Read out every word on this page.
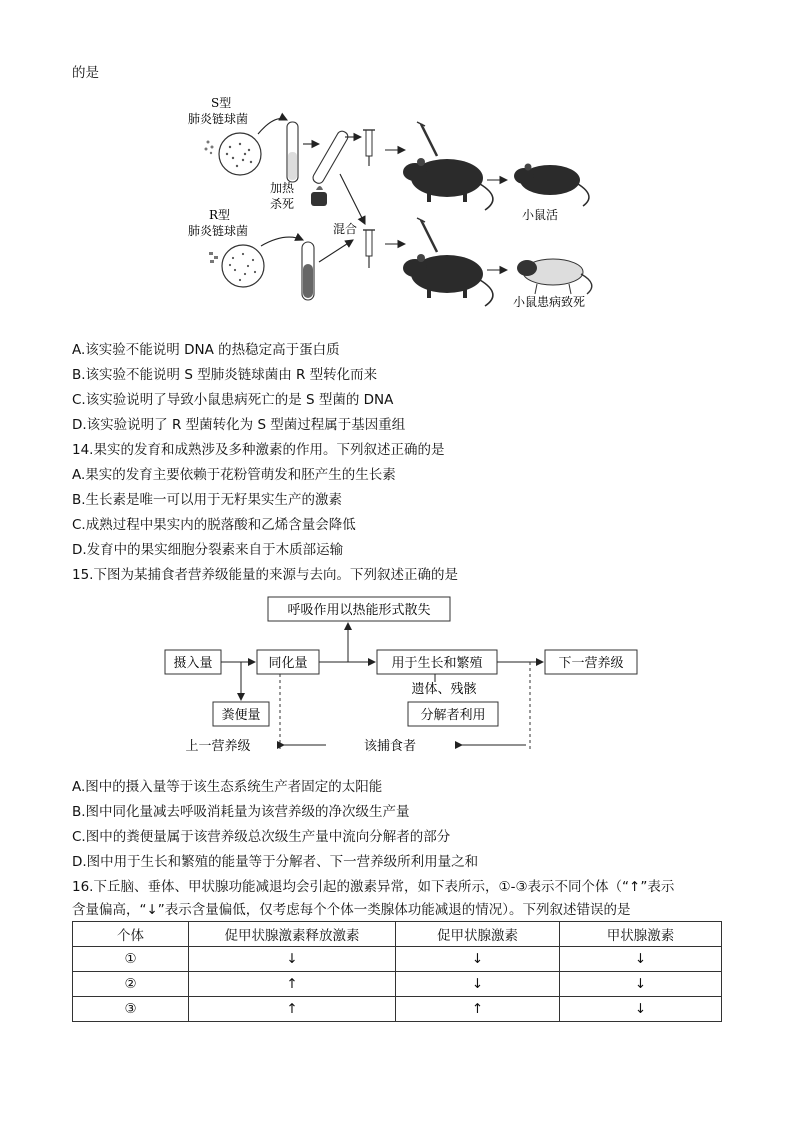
的是
S型
肺炎链球菌
加热
杀死
小鼠活
R型
肺炎链球菌	混合
小鼠患病致死
A.该实验不能说明 DNA 的热稳定高于蛋白质
B.该实验不能说明 S 型肺炎链球菌由 R 型转化而来
C.该实验说明了导致小鼠患病死亡的是 S 型菌的 DNA
D.该实验说明了 R 型菌转化为 S 型菌过程属于基因重组
14.果实的发育和成熟涉及多种激素的作用。下列叙述正确的是
A.果实的发育主要依赖于花粉管萌发和胚产生的生长素
B.生长素是唯一可以用于无籽果实生产的激素
C.成熟过程中果实内的脱落酸和乙烯含量会降低
D.发育中的果实细胞分裂素来自于木质部运输
15.下图为某捕食者营养级能量的来源与去向。下列叙述正确的是
呼吸作用以热能形式散失
摄入量	同化量	用于生长和繁殖	下一营养级
粪便量	分解者利用
遗体、残骸
上一营养级	该捕食者
A.图中的摄入量等于该生态系统生产者固定的太阳能
B.图中同化量减去呼吸消耗量为该营养级的净次级生产量
C.图中的粪便量属于该营养级总次级生产量中流向分解者的部分
D.图中用于生长和繁殖的能量等于分解者、下一营养级所利用量之和
16.下丘脑、垂体、甲状腺功能减退均会引起的激素异常，如下表所示，①-③表示不同个体（“↑”表示
含量偏高，“↓”表示含量偏低，仅考虑每个个体一类腺体功能减退的情况）。下列叙述错误的是
个体	促甲状腺激素释放激素	促甲状腺激素	甲状腺激素
①	↓	↓	↓
②	↑	↓	↓
③	↑	↑	↓
